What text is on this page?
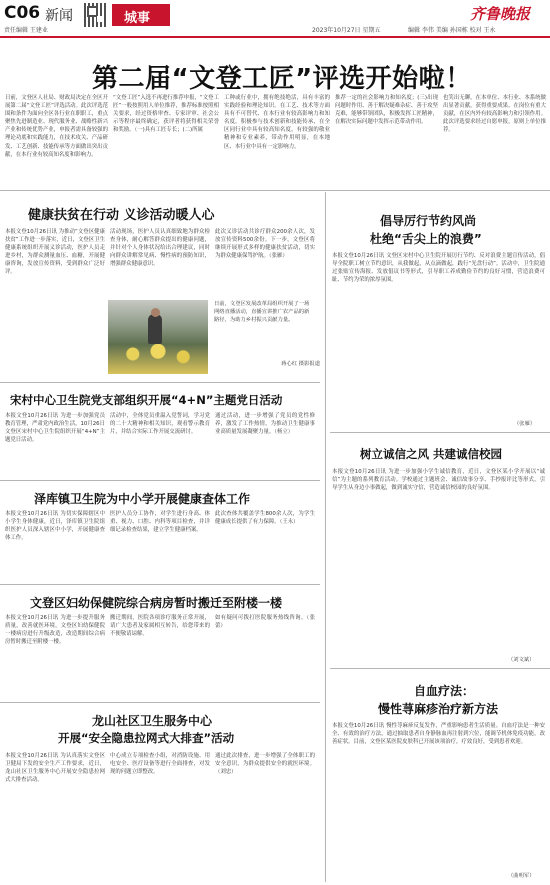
C06 新闻
责任编辑 王建业
城事	齐鲁晚报
2023年10月27日 星期五	编辑 李伟 美编 孙国栋 校对 王永
第二届“文登工匠”评选开始啦！
日前，文登区人社局、财政局决定在全区开展第二届“文登工匠”评选活动。此次评选范围和条件为面向全区各行业在职职工，重点聚焦先进制造业、现代服务业、战略性新兴产业和传统优势产业，申报者需具备较强的理论功底和实践能力，在技术攻关、产品研发、工艺创新、技能传承等方面做出突出贡献，在本行业有较高知名度和影响力。
“文登工匠”入选不再进行推荐申报，“文登工匠”一般按照用人单位推荐，推荐标准按照相关要求，经过资格审查、专家评审、社会公示等程序最终确定，获评者将获得相关荣誉和奖励。（一)具有工匠专长；(二)所属
工种或行业中，拥有绝技绝活，具有丰富的实践经验和理论知识。在工艺、技术等方面具有不可替代、在本行业有较高影响力和知名度，积极参与技术创新和技能传承，在全区同行业中具有较高知名度，有较强的敬业精神和专业素养，带动作用明显，在本地区、本行业中具有一定影响力。
推荐一定的社会影响力和知名度；(三)出现问题时作用、善于解决疑难杂症、善于攻坚克难，能够带领团队，积极发挥工匠精神，在解决实际问题中发挥示范带动作用。
也笑出无聊，在本单位、本行业、本系统做出显著贡献，获得重要成果，在岗位有重大贡献，在区内外有较高影响力和引领作用。此次评选要求经过自愿申报，原则上单位推荐。
健康扶贫在行动 义诊活动暖人心
本报文登10月26日讯 为推动“文登区健康扶贫”工作进一步落实，近日，文登区卫生健康系统组织开展义诊活动，医护人员走进乡村，为群众测量血压、血糖，开展健康咨询，发放宣传资料，受到群众广泛好评。
活动现场，医护人员认真细致地为群众检查身体，耐心解答群众提出的健康问题，并针对个人身体状况给出合理建议，同时向群众讲解常见病、慢性病的预防知识，增强群众健康意识。
此次义诊活动共诊疗群众200余人次，发放宣传资料500余份。下一步，文登区将继续开展形式多样的健康扶贫活动，切实为群众健康保驾护航。（张雁）
日前，文登区发展改革局组织开展了一场网络直播活动，直播宣讲推广农产品的新路径，为助力乡村振兴贡献力量。
蒋心红 摄影报道
宋村中心卫生院党支部组织开展“4+N”主题党日活动
本报文登10月26日讯 为进一步加强党员教育管理，严肃党内政治生活，10月26日文登区宋村中心卫生院组织开展“4+N”主题党日活动。
活动中，全体党员重温入党誓词，学习党的二十大精神和相关知识，观看警示教育片，并结合实际工作开展交流研讨。
通过活动，进一步增强了党员的党性修养，激发了工作热情，为推动卫生健康事业高质量发展凝聚力量。（杨立）
泽库镇卫生院为中小学开展健康查体工作
本报文登10月26日讯 为切实保障辖区中小学生身体健康，近日，泽库镇卫生院组织医护人员深入辖区中小学，开展健康查体工作。
医护人员分工协作，对学生进行身高、体重、视力、口腔、内科等项目检查，并详细记录检查结果，建立学生健康档案。
此次查体共覆盖学生800余人次，为学生健康成长提供了有力保障。（王永）
文登区妇幼保健院综合病房暂时搬迁至附楼一楼
本报文登10月26日讯 为进一步提升服务质量，改善就医环境，文登区妇幼保健院一楼病房进行升级改造，改造期间综合病房暂时搬迁至附楼一楼。
搬迁期间，医院各项诊疗服务正常开展，请广大患者及家属相互转告，给您带来的不便敬请谅解。
如有疑问可拨打医院服务热线咨询。（张蕾）
龙山社区卫生服务中心
开展“安全隐患拉网式大排查”活动
本报文登10月26日讯 为认真落实文登区卫健局下发的安全生产工作要求，近日，龙山社区卫生服务中心开展安全隐患拉网式大排查活动。
中心成立专项检查小组，对消防设施、用电安全、医疗设备等进行全面排查，对发现的问题立即整改。
通过此次排查，进一步增强了全体职工的安全意识，为群众提供安全的就医环境。（刘忠）
倡导厉行节约风尚
杜绝“舌尖上的浪费”
本报文登10月26日讯 文登区宋村中心卫生院开展厉行节约、反对浪费主题宣传活动，倡导全院职工树立节约意识，从我做起，从点滴做起，践行“光盘行动”。活动中，卫生院通过张贴宣传海报、发放倡议书等形式，引导职工养成勤俭节约的良好习惯，营造浪费可耻、节约为荣的浓厚氛围。
（张雁）
树立诚信之风 共建诚信校园
本报文登10月26日讯 为进一步加强小学生诚信教育，近日，文登区某小学开展以“诚信”为主题的系列教育活动。学校通过主题班会、诚信故事分享、手抄报评比等形式，引导学生从身边小事做起，做到诚实守信，营造诚信校园的良好氛围。
（刘文斌）
自血疗法：
慢性荨麻疹治疗新方法
本报文登10月26日讯 慢性荨麻疹反复发作，严重影响患者生活质量。自血疗法是一种安全、有效的治疗方法，通过抽取患者自身静脉血再注射到穴位，能调节机体免疫功能，改善症状。目前，文登区某医院皮肤科已开展该项治疗，疗效良好，受到患者欢迎。
（曲明军）
